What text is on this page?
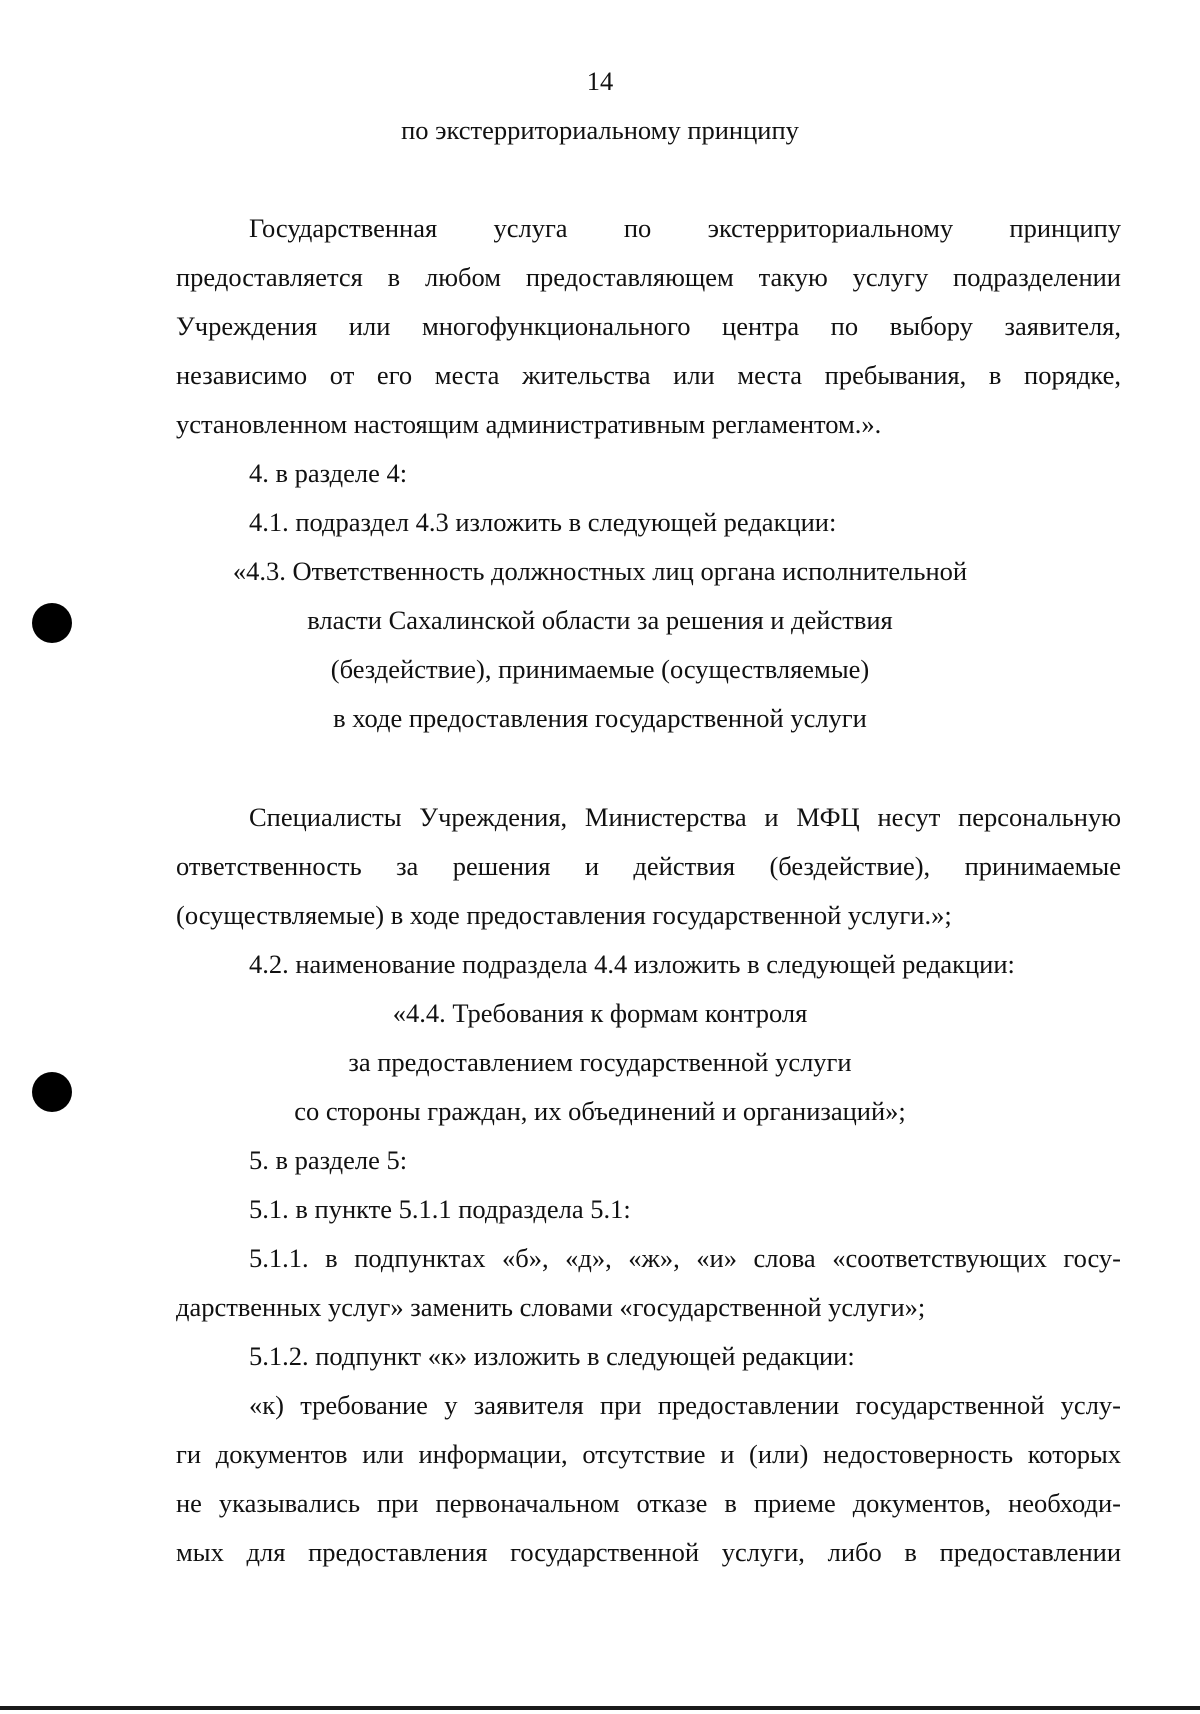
14
по экстерриториальному принципу
Государственная услуга по экстерриториальному принципу
предоставляется в любом предоставляющем такую услугу подразделении
Учреждения или многофункционального центра по выбору заявителя,
независимо от его места жительства или места пребывания, в порядке,
установленном настоящим административным регламентом.».
4. в разделе 4:
4.1. подраздел 4.3 изложить в следующей редакции:
«4.3. Ответственность должностных лиц органа исполнительной
власти Сахалинской области за решения и действия
(бездействие), принимаемые (осуществляемые)
в ходе предоставления государственной услуги
Специалисты Учреждения, Министерства и МФЦ несут персональную
ответственность за решения и действия (бездействие), принимаемые
(осуществляемые) в ходе предоставления государственной услуги.»;
4.2. наименование подраздела 4.4 изложить в следующей редакции:
«4.4. Требования к формам контроля
за предоставлением государственной услуги
со стороны граждан, их объединений и организаций»;
5. в разделе 5:
5.1. в пункте 5.1.1 подраздела 5.1:
5.1.1. в подпунктах «б», «д», «ж», «и» слова «соответствующих госу-
дарственных услуг» заменить словами «государственной услуги»;
5.1.2. подпункт «к» изложить в следующей редакции:
«к) требование у заявителя при предоставлении государственной услу-
ги документов или информации, отсутствие и (или) недостоверность которых
не указывались при первоначальном отказе в приеме документов, необходи-
мых для предоставления государственной услуги, либо в предоставлении
